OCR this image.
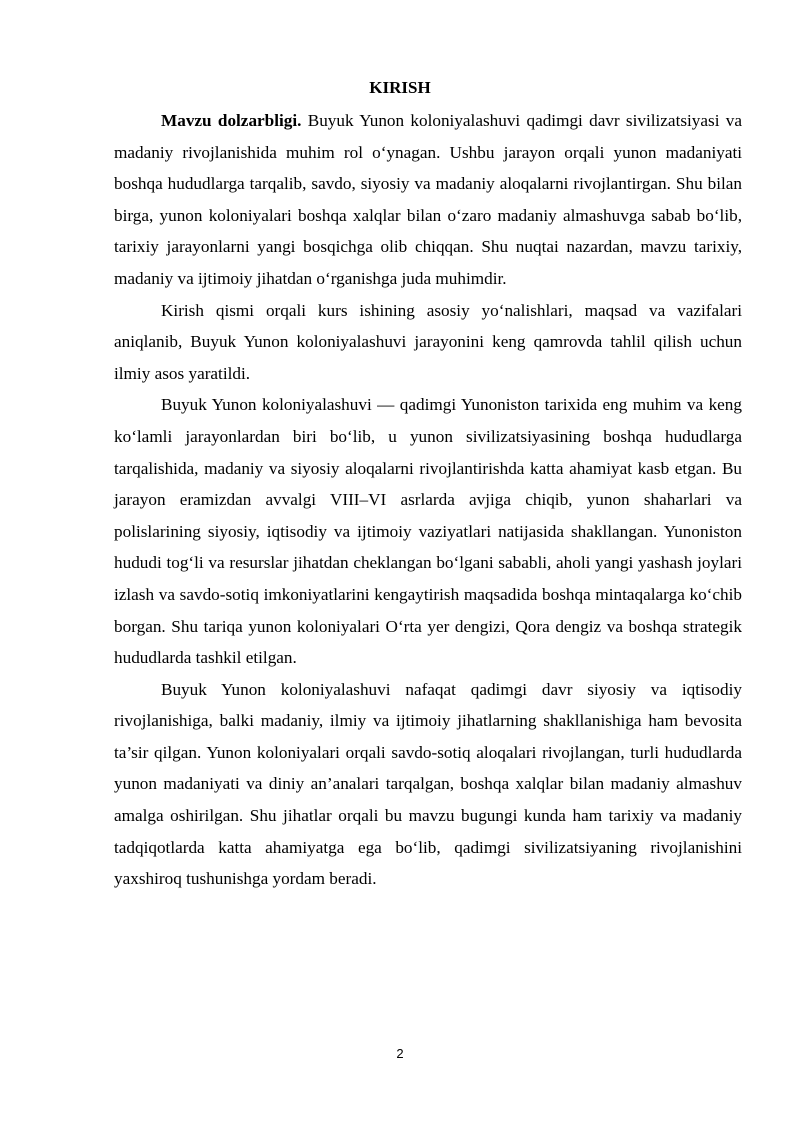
KIRISH

Mavzu dolzarbligi. Buyuk Yunon koloniyalashuvi qadimgi davr sivilizatsiyasi va madaniy rivojlanishida muhim rol o‘ynagan. Ushbu jarayon orqali yunon madaniyati boshqa hududlarga tarqalib, savdo, siyosiy va madaniy aloqalarni rivojlantirgan. Shu bilan birga, yunon koloniyalari boshqa xalqlar bilan o‘zaro madaniy almashuvga sabab bo‘lib, tarixiy jarayonlarni yangi bosqichga olib chiqqan. Shu nuqtai nazardan, mavzu tarixiy, madaniy va ijtimoiy jihatdan o‘rganishga juda muhimdir.

Kirish qismi orqali kurs ishining asosiy yo‘nalishlari, maqsad va vazifalari aniqlanib, Buyuk Yunon koloniyalashuvi jarayonini keng qamrovda tahlil qilish uchun ilmiy asos yaratildi.

Buyuk Yunon koloniyalashuvi — qadimgi Yunoniston tarixida eng muhim va keng ko‘lamli jarayonlardan biri bo‘lib, u yunon sivilizatsiyasining boshqa hududlarga tarqalishida, madaniy va siyosiy aloqalarni rivojlantirishda katta ahamiyat kasb etgan. Bu jarayon eramizdan avvalgi VIII–VI asrlarda avjiga chiqib, yunon shaharlari va polislarining siyosiy, iqtisodiy va ijtimoiy vaziyatlari natijasida shakllangan. Yunoniston hududi tog‘li va resurslar jihatdan cheklangan bo‘lgani sababli, aholi yangi yashash joylari izlash va savdo-sotiq imkoniyatlarini kengaytirish maqsadida boshqa mintaqalarga ko‘chib borgan. Shu tariqa yunon koloniyalari O‘rta yer dengizi, Qora dengiz va boshqa strategik hududlarda tashkil etilgan.

Buyuk Yunon koloniyalashuvi nafaqat qadimgi davr siyosiy va iqtisodiy rivojlanishiga, balki madaniy, ilmiy va ijtimoiy jihatlarning shakllanishiga ham bevosita ta’sir qilgan. Yunon koloniyalari orqali savdo-sotiq aloqalari rivojlangan, turli hududlarda yunon madaniyati va diniy an’analari tarqalgan, boshqa xalqlar bilan madaniy almashuv amalga oshirilgan. Shu jihatlar orqali bu mavzu bugungi kunda ham tarixiy va madaniy tadqiqotlarda katta ahamiyatga ega bo‘lib, qadimgi sivilizatsiyaning rivojlanishini yaxshiroq tushunishga yordam beradi.

2
